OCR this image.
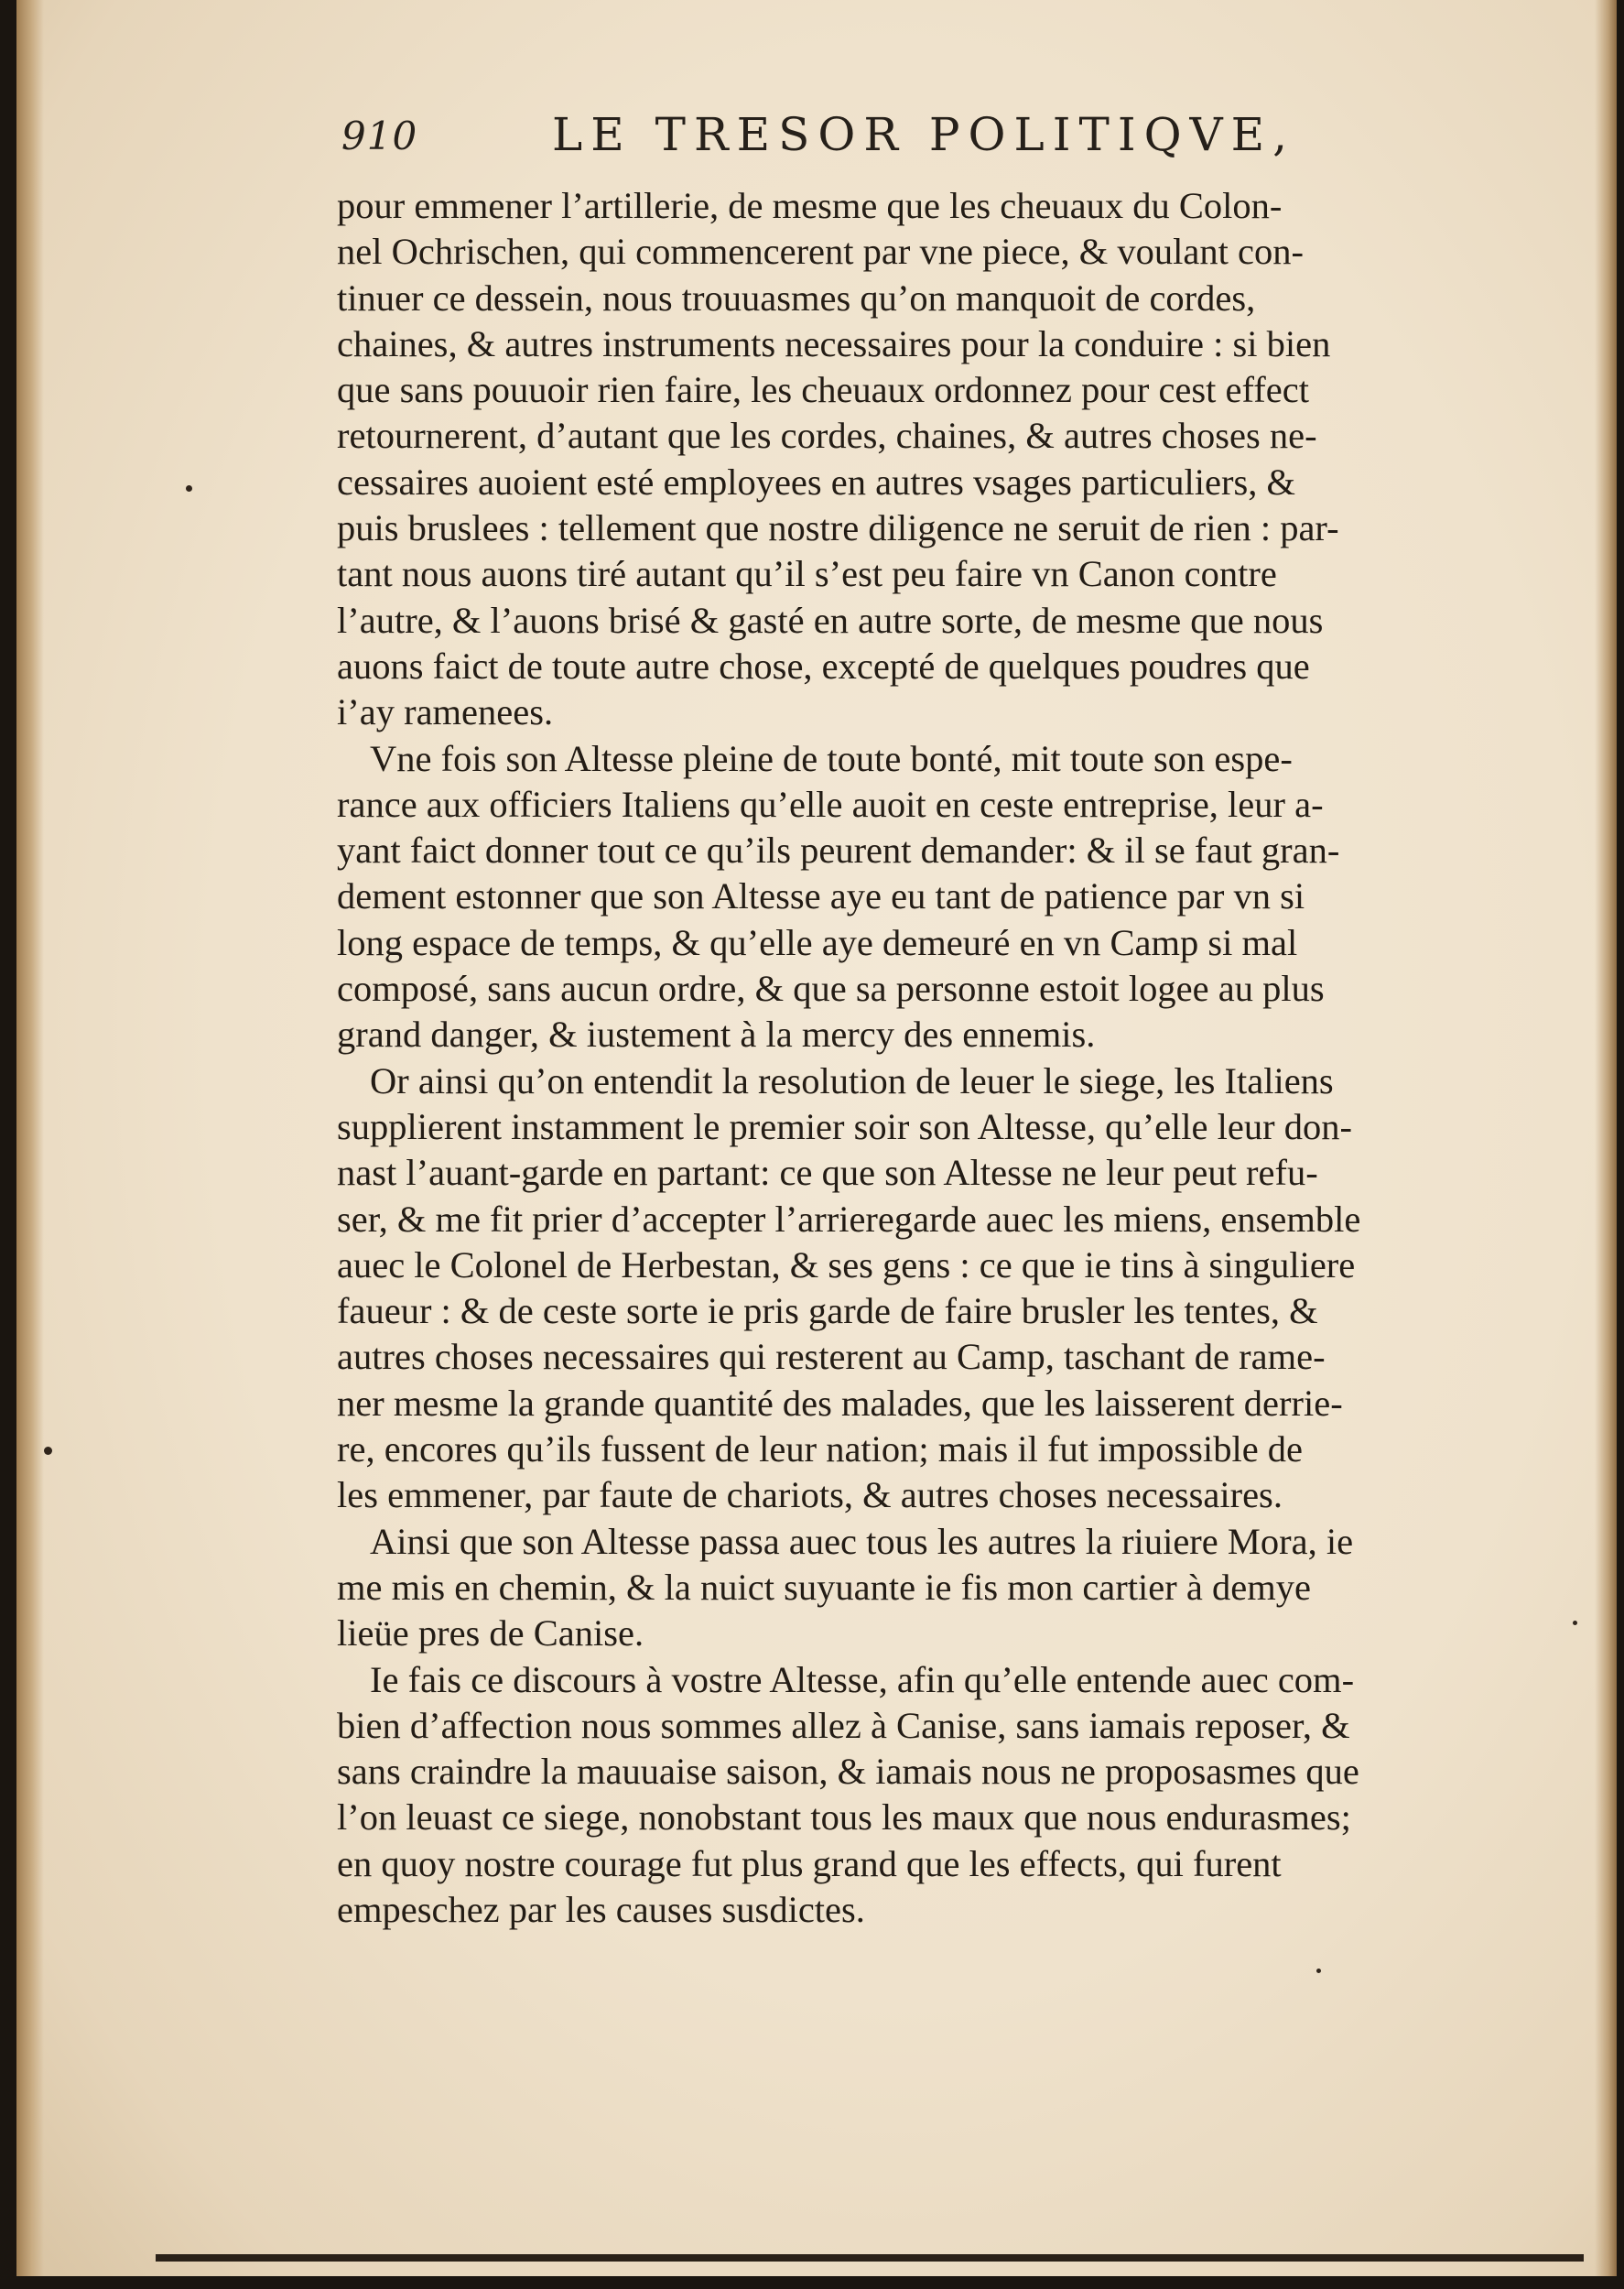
910	LE TRESOR POLITIQVE,
pour emmener l’artillerie, de mesme que les cheuaux du Colon-
nel Ochrischen, qui commencerent par vne piece, & voulant con-
tinuer ce dessein, nous trouuasmes qu’on manquoit de cordes,
chaines, & autres instruments necessaires pour la conduire : si bien
que sans pouuoir rien faire, les cheuaux ordonnez pour cest effect
retournerent, d’autant que les cordes, chaines, & autres choses ne-
cessaires auoient esté employees en autres vsages particuliers, &
puis bruslees : tellement que nostre diligence ne seruit de rien : par-
tant nous auons tiré autant qu’il s’est peu faire vn Canon contre
l’autre, & l’auons brisé & gasté en autre sorte, de mesme que nous
auons faict de toute autre chose, excepté de quelques poudres que
i’ay ramenees.
Vne fois son Altesse pleine de toute bonté, mit toute son espe-
rance aux officiers Italiens qu’elle auoit en ceste entreprise, leur a-
yant faict donner tout ce qu’ils peurent demander: & il se faut gran-
dement estonner que son Altesse aye eu tant de patience par vn si
long espace de temps, & qu’elle aye demeuré en vn Camp si mal
composé, sans aucun ordre, & que sa personne estoit logee au plus
grand danger, & iustement à la mercy des ennemis.
Or ainsi qu’on entendit la resolution de leuer le siege, les Italiens
supplierent instamment le premier soir son Altesse, qu’elle leur don-
nast l’auant-garde en partant: ce que son Altesse ne leur peut refu-
ser, & me fit prier d’accepter l’arrieregarde auec les miens, ensemble
auec le Colonel de Herbestan, & ses gens : ce que ie tins à singuliere
faueur : & de ceste sorte ie pris garde de faire brusler les tentes, &
autres choses necessaires qui resterent au Camp, taschant de rame-
ner mesme la grande quantité des malades, que les laisserent derrie-
re, encores qu’ils fussent de leur nation; mais il fut impossible de
les emmener, par faute de chariots, & autres choses necessaires.
Ainsi que son Altesse passa auec tous les autres la riuiere Mora, ie
me mis en chemin, & la nuict suyuante ie fis mon cartier à demye
lieüe pres de Canise.
Ie fais ce discours à vostre Altesse, afin qu’elle entende auec com-
bien d’affection nous sommes allez à Canise, sans iamais reposer, &
sans craindre la mauuaise saison, & iamais nous ne proposasmes que
l’on leuast ce siege, nonobstant tous les maux que nous endurasmes;
en quoy nostre courage fut plus grand que les effects, qui furent
empeschez par les causes susdictes.
